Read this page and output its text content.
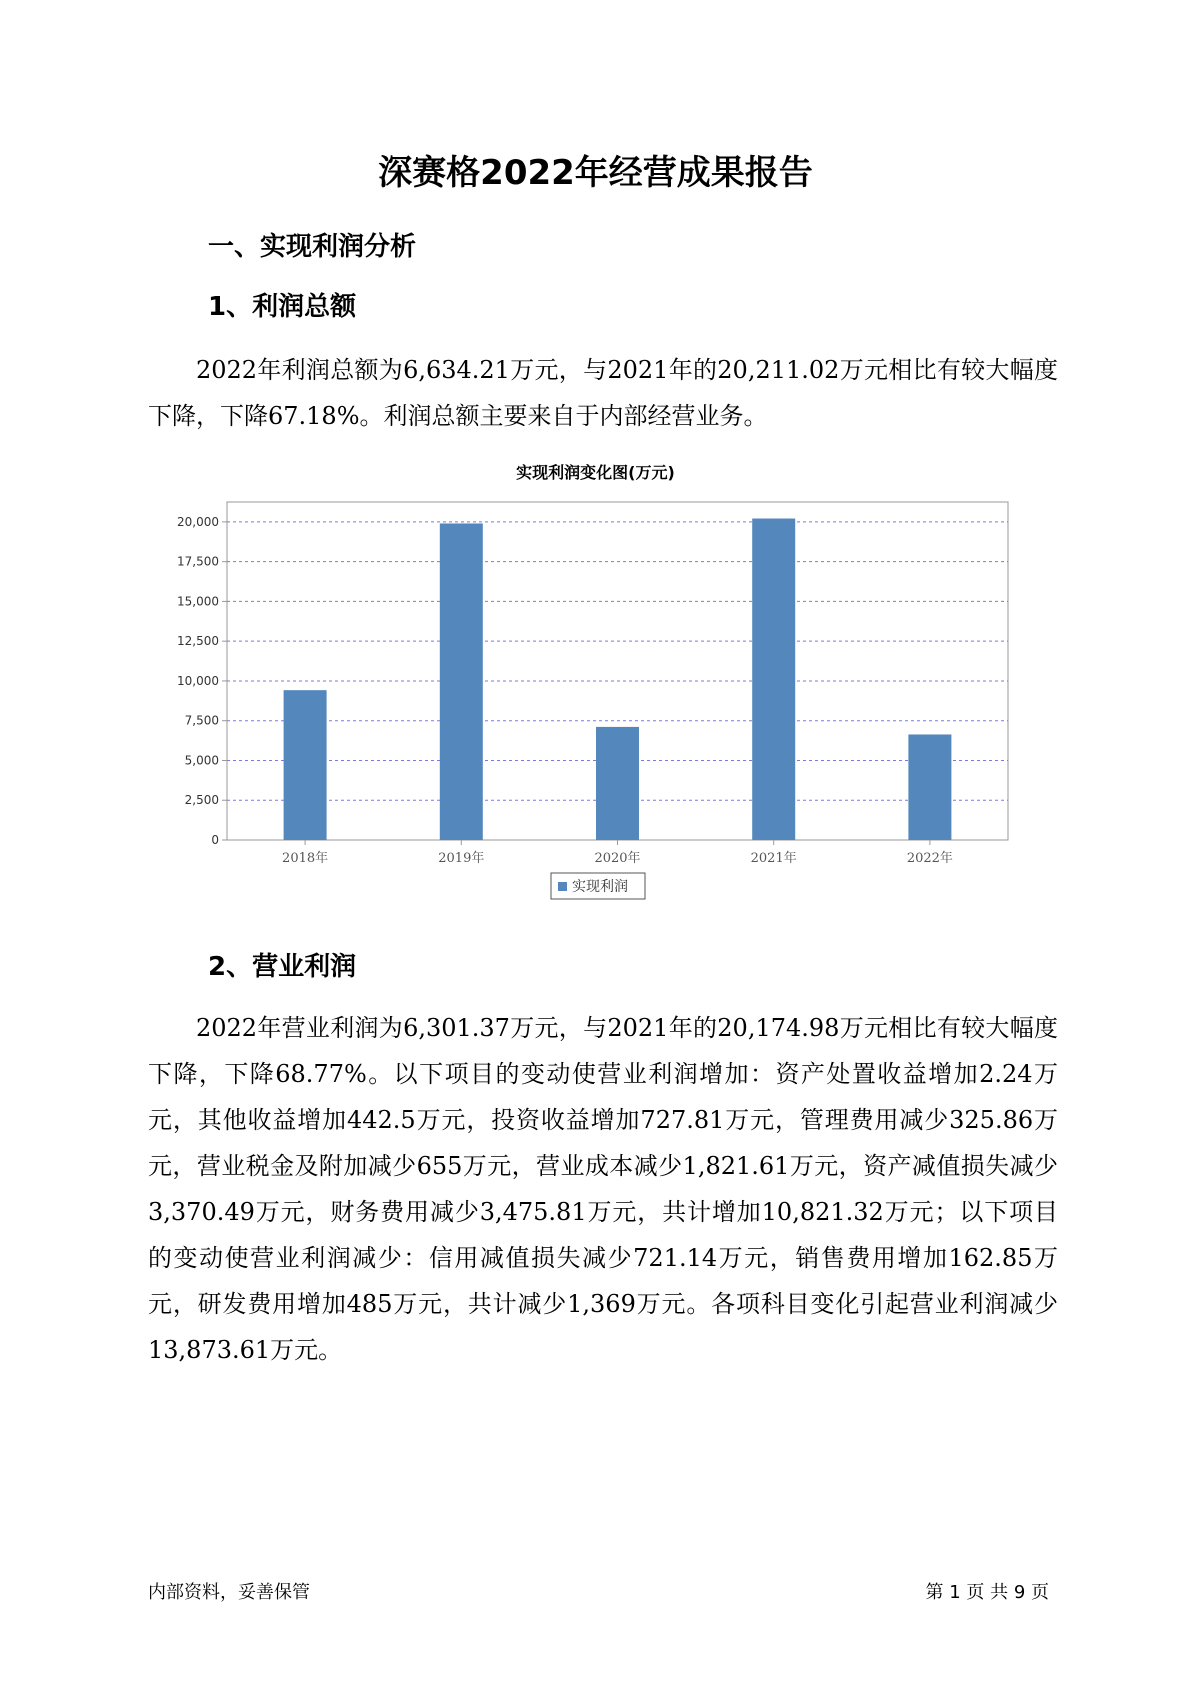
深赛格2022年经营成果报告
一、实现利润分析
1、利润总额

2022年利润总额为6,634.21万元，与2021年的20,211.02万元相比有较大幅度下降，下降67.18%。利润总额主要来自于内部经营业务。

实现利润变化图(万元)
0
2,500
5,000
7,500
10,000
12,500
15,000
17,500
20,000
2018年	2019年	2020年	2021年	2022年
实现利润
2、营业利润

2022年营业利润为6,301.37万元，与2021年的20,174.98万元相比有较大幅度下降，下降68.77%。以下项目的变动使营业利润增加：资产处置收益增加2.24万元，其他收益增加442.5万元，投资收益增加727.81万元，管理费用减少325.86万元，营业税金及附加减少655万元，营业成本减少1,821.61万元，资产减值损失减少3,370.49万元，财务费用减少3,475.81万元，共计增加10,821.32万元；以下项目的变动使营业利润减少：信用减值损失减少721.14万元，销售费用增加162.85万元，研发费用增加485万元，共计减少1,369万元。各项科目变化引起营业利润减少13,873.61万元。

内部资料，妥善保管	第 1 页 共 9 页
